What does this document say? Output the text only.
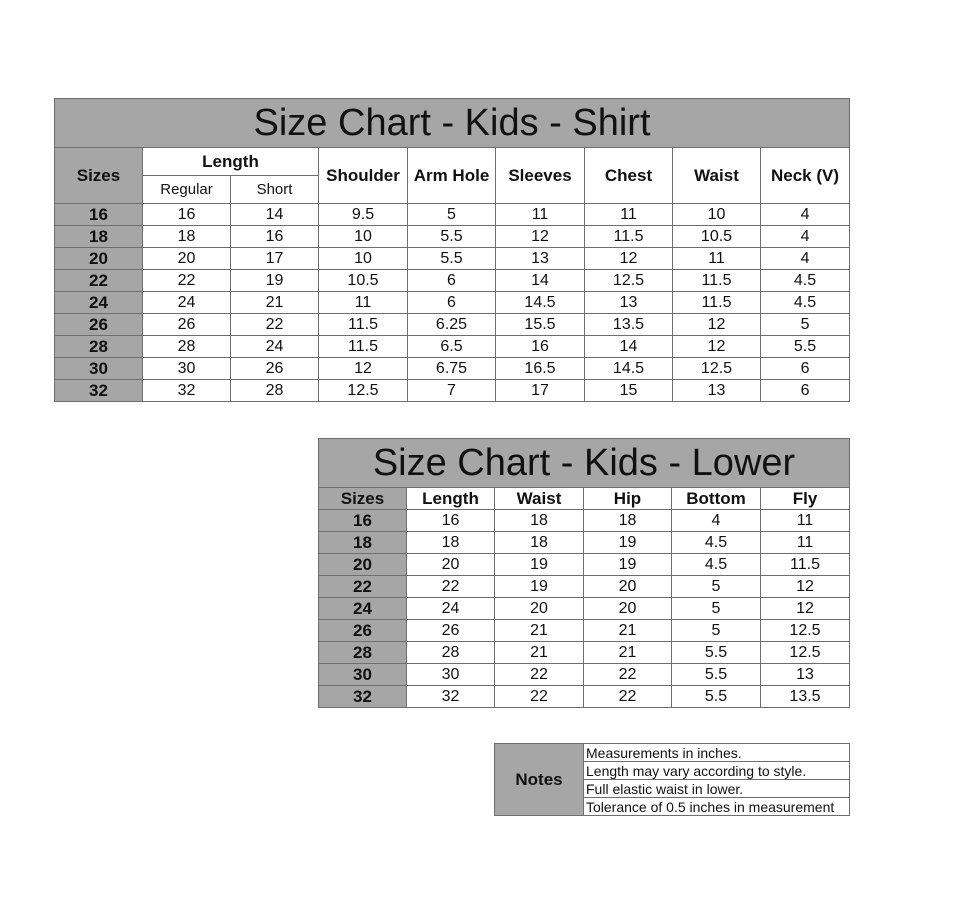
Size Chart - Kids - Shirt								
Sizes	Length		Shoulder	Arm Hole	Sleeves	Chest	Waist	Neck (V)
	Regular	Short						
16	16	14	9.5	5	11	11	10	4
18	18	16	10	5.5	12	11.5	10.5	4
20	20	17	10	5.5	13	12	11	4
22	22	19	10.5	6	14	12.5	11.5	4.5
24	24	21	11	6	14.5	13	11.5	4.5
26	26	22	11.5	6.25	15.5	13.5	12	5
28	28	24	11.5	6.5	16	14	12	5.5
30	30	26	12	6.75	16.5	14.5	12.5	6
32	32	28	12.5	7	17	15	13	6
Size Chart - Kids - Lower					
Sizes	Length	Waist	Hip	Bottom	Fly
16	16	18	18	4	11
18	18	18	19	4.5	11
20	20	19	19	4.5	11.5
22	22	19	20	5	12
24	24	20	20	5	12
26	26	21	21	5	12.5
28	28	21	21	5.5	12.5
30	30	22	22	5.5	13
32	32	22	22	5.5	13.5
Notes	Measurements in inches.
Length may vary according to style.
Full elastic waist in lower.
Tolerance of 0.5 inches in measurement
